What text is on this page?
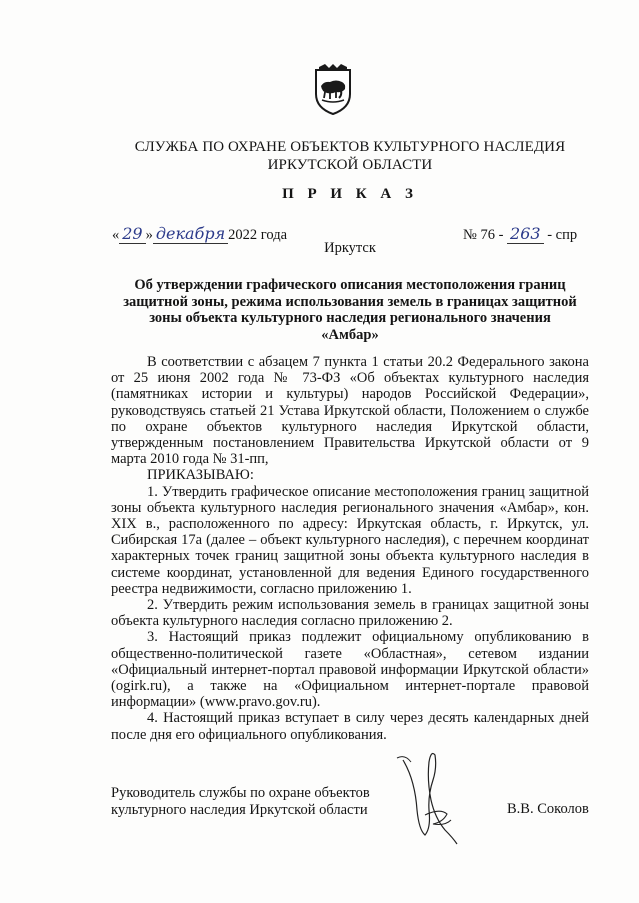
СЛУЖБА ПО ОХРАНЕ ОБЪЕКТОВ КУЛЬТУРНОГО НАСЛЕДИЯ
ИРКУТСКОЙ ОБЛАСТИ
П Р И К А З
« 29 » декабря 2022 года	№ 76 - 263 - спр
Иркутск
Об утверждении графического описания местоположения границ
защитной зоны, режима использования земель в границах защитной
зоны объекта культурного наследия регионального значения
«Амбар»

В соответствии с абзацем 7 пункта 1 статьи 20.2 Федерального закона от 25 июня 2002 года № 73-ФЗ «Об объектах культурного наследия (памятниках истории и культуры) народов Российской Федерации», руководствуясь статьей 21 Устава Иркутской области, Положением о службе по охране объектов культурного наследия Иркутской области, утвержденным постановлением Правительства Иркутской области от 9 марта 2010 года № 31-пп,

ПРИКАЗЫВАЮ:

1. Утвердить графическое описание местоположения границ защитной зоны объекта культурного наследия регионального значения «Амбар», кон. XIX в., расположенного по адресу: Иркутская область, г. Иркутск, ул. Сибирская 17а (далее – объект культурного наследия), с перечнем координат характерных точек границ защитной зоны объекта культурного наследия в системе координат, установленной для ведения Единого государственного реестра недвижимости, согласно приложению 1.

2. Утвердить режим использования земель в границах защитной зоны объекта культурного наследия согласно приложению 2.

3. Настоящий приказ подлежит официальному опубликованию в общественно-политической газете «Областная», сетевом издании «Официальный интернет-портал правовой информации Иркутской области» (ogirk.ru), а также на «Официальном интернет-портале правовой информации» (www.pravo.gov.ru).

4. Настоящий приказ вступает в силу через десять календарных дней после дня его официального опубликования.

Руководитель службы по охране объектов
культурного наследия Иркутской области	В.В. Соколов
